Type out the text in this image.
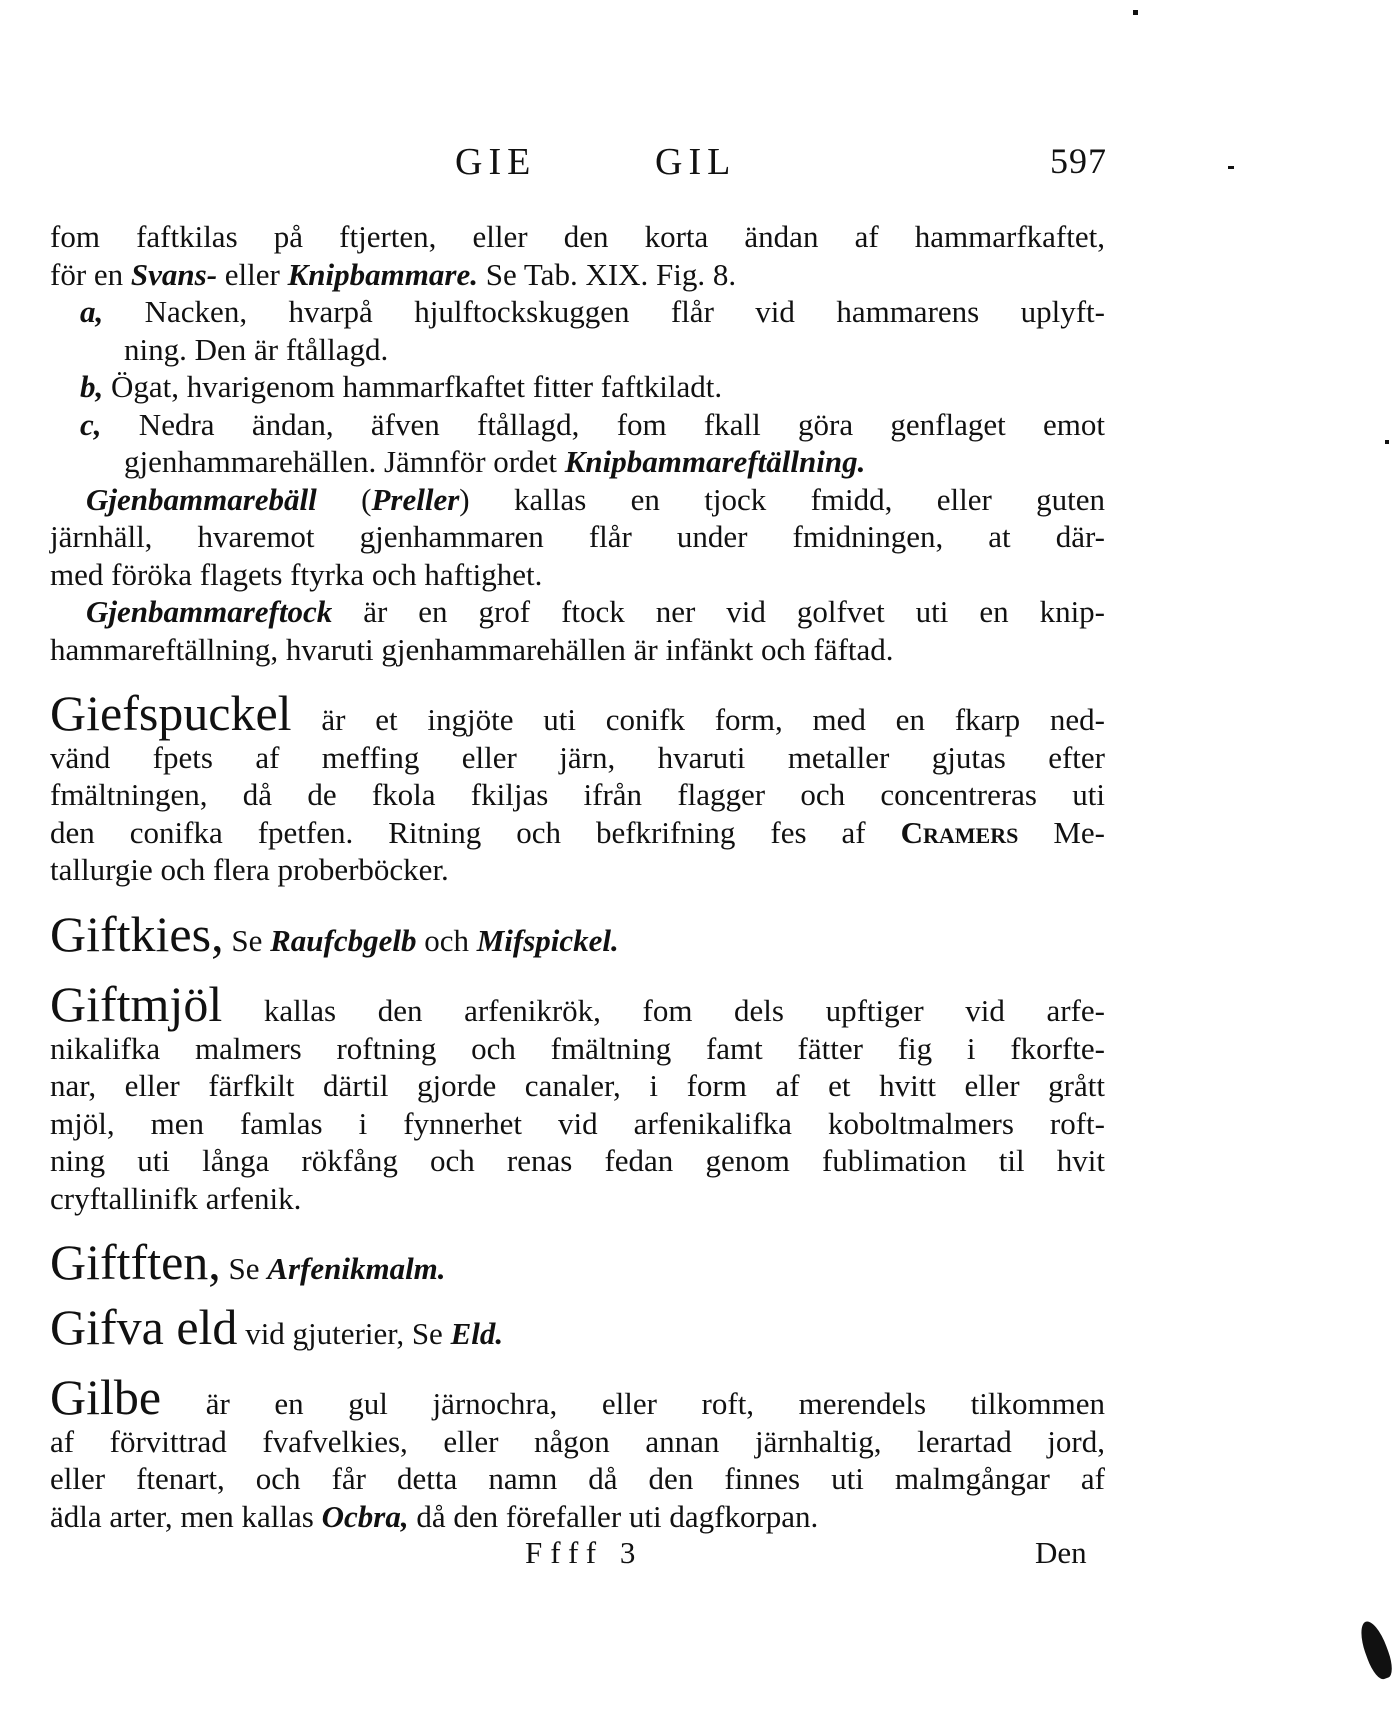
GIE	GIL	597
fom faftkilas på ftjerten, eller den korta ändan af hammarfkaftet,
för en Svans- eller Knipbammare. Se Tab. XIX. Fig. 8.
a, Nacken, hvarpå hjulftockskuggen flår vid hammarens uplyft-
ning. Den är ftållagd.
b, Ögat, hvarigenom hammarfkaftet fitter faftkiladt.
c, Nedra ändan, äfven ftållagd, fom fkall göra genflaget emot
gjenhammarehällen. Jämnför ordet Knipbammareftällning.
Gjenbammarebäll (Preller) kallas en tjock fmidd, eller guten
järnhäll, hvaremot gjenhammaren flår under fmidningen, at där-
med föröka flagets ftyrka och haftighet.
Gjenbammareftock är en grof ftock ner vid golfvet uti en knip-
hammareftällning, hvaruti gjenhammarehällen är infänkt och fäftad.
Giefspuckel är et ingjöte uti conifk form, med en fkarp ned-
vänd fpets af meffing eller järn, hvaruti metaller gjutas efter
fmältningen, då de fkola fkiljas ifrån flagger och concentreras uti
den conifka fpetfen. Ritning och befkrifning fes af Cramers Me-
tallurgie och flera proberböcker.
Giftkies, Se Raufcbgelb och Mifspickel.
Giftmjöl kallas den arfenikrök, fom dels upftiger vid arfe-
nikalifka malmers roftning och fmältning famt fätter fig i fkorfte-
nar, eller färfkilt därtil gjorde canaler, i form af et hvitt eller grått
mjöl, men famlas i fynnerhet vid arfenikalifka koboltmalmers roft-
ning uti långa rökfång och renas fedan genom fublimation til hvit
cryftallinifk arfenik.
Giftften, Se Arfenikmalm.
Gifva eld vid gjuterier, Se Eld.
Gilbe är en gul järnochra, eller roft, merendels tilkommen
af förvittrad fvafvelkies, eller någon annan järnhaltig, lerartad jord,
eller ftenart, och får detta namn då den finnes uti malmgångar af
ädla arter, men kallas Ocbra, då den förefaller uti dagfkorpan.
Ffff 3	Den
